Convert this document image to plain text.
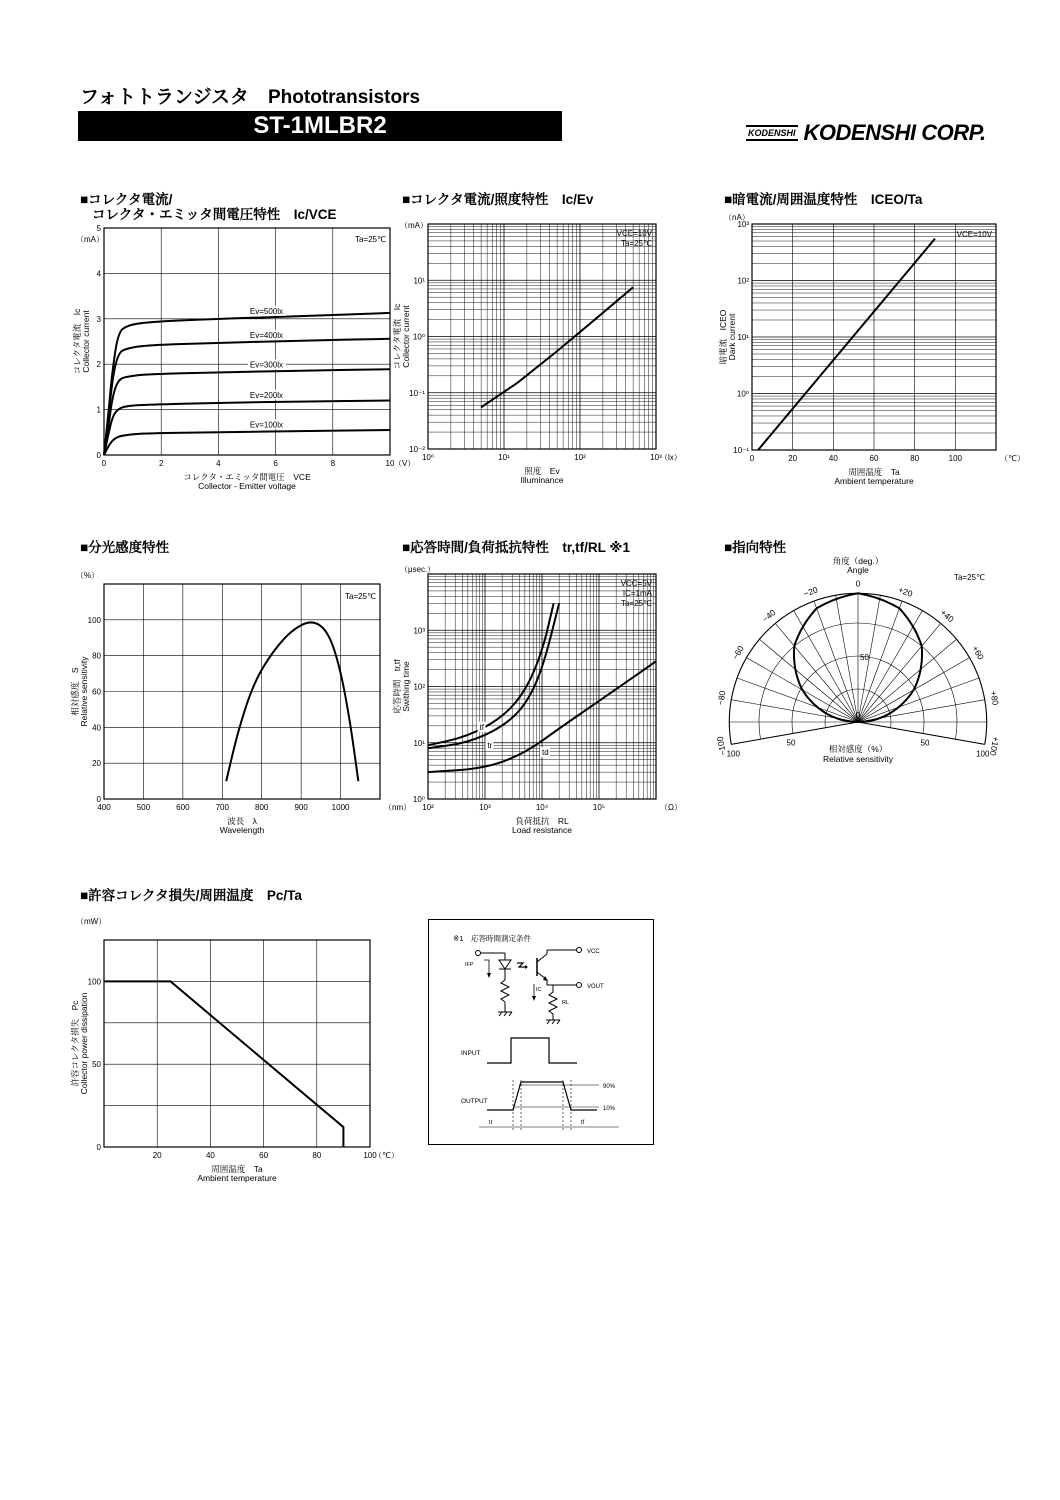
フォトトランジスタ　Phototransistors
ST-1MLBR2	KODENSHI KODENSHI CORP.
■コレクタ電流/
コレクタ・エミッタ間電圧特性　Ic/VCE
0	2	4	6	8	10
0
1
2
3
4
5
（V）
（mA）
コレクタ・エミッタ間電圧　VCE
Collector - Emitter voltage
コレクタ電流　Ic Collector current
Ta=25℃
Ev=500lx
Ev=400lx
Ev=300lx
Ev=200lx
Ev=100lx
■コレクタ電流/照度特性　Ic/Ev
10⁰	10¹	10²	10³
10⁻²
10⁻¹
10⁰
10¹
（lx）
（mA）
照度　Ev
Illuminance
コレクタ電流　Ic Collector current
VCE=10V
Ta=25℃
■暗電流/周囲温度特性　ICEO/Ta
0	20	40	60	80	100
10⁻¹
10⁰
10¹
10²
10³
（℃）
（nA）
周囲温度　Ta
Ambient temperature
暗電流　ICEO Dark current
VCE=10V
■分光感度特性
400	500	600	700	800	900	1000
0
20
40
60
80
100
（nm）
（%）
波長　λ
Wavelength
相対感度　S Relative sensitivity
Ta=25℃
■応答時間/負荷抵抗特性　tr,tf/RL ※1
10²	10³	10⁴	10⁵
10⁰
10¹
10²
10³
（Ω）
（μsec.）
負荷抵抗　RL
Load resistance
応答時間　tr,tf Swithing time
VCC=5V
IC=1mA
Ta=25℃
tf
tr
td
■指向特性
0
+20
+40
+60
+80
+100
−20
−40
−60
−80
−100
0
50
50	50
100	100
角度（deg.）
Angle
相対感度（%）
Relative sensitivity
Ta=25℃
■許容コレクタ損失/周囲温度　Pc/Ta
20	40	60	80	100
0
50
100
（℃）
（mW）
周囲温度　Ta
Ambient temperature
許容コレクタ損失　Pc Collector power dissipation
※1　応答時間測定条件
IFP
VCC
IC	VOUT
RL
INPUT
OUTPUT
90%
10%
tr	tf
